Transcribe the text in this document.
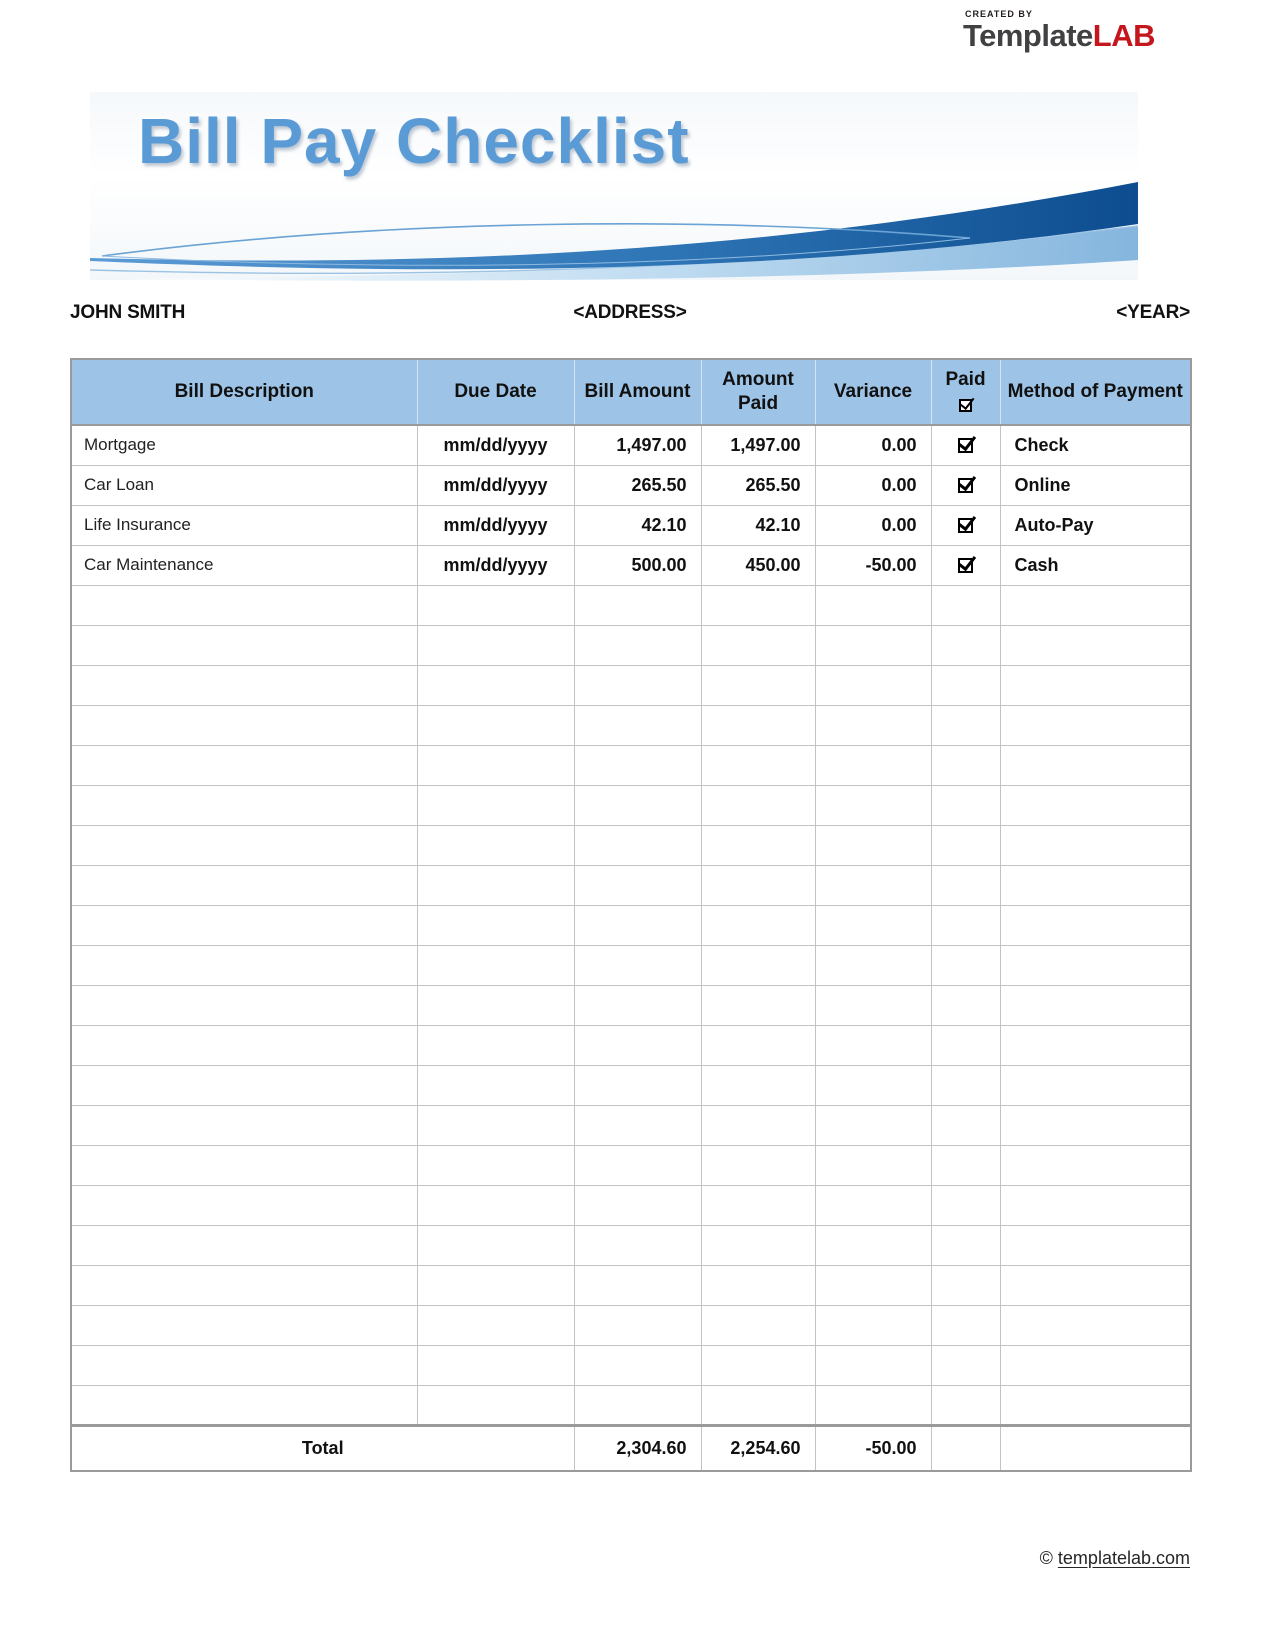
CREATED BY
TemplateLAB
Bill Pay Checklist
JOHN SMITH	<ADDRESS>	<YEAR>
Bill Description	Due Date	Bill Amount	Amount Paid	Variance	Paid	Method of Payment
Mortgage	mm/dd/yyyy	1,497.00	1,497.00	0.00		Check
Car Loan	mm/dd/yyyy	265.50	265.50	0.00		Online
Life Insurance	mm/dd/yyyy	42.10	42.10	0.00		Auto-Pay
Car Maintenance	mm/dd/yyyy	500.00	450.00	-50.00		Cash

Total		2,304.60	2,254.60	-50.00		
© templatelab.com
